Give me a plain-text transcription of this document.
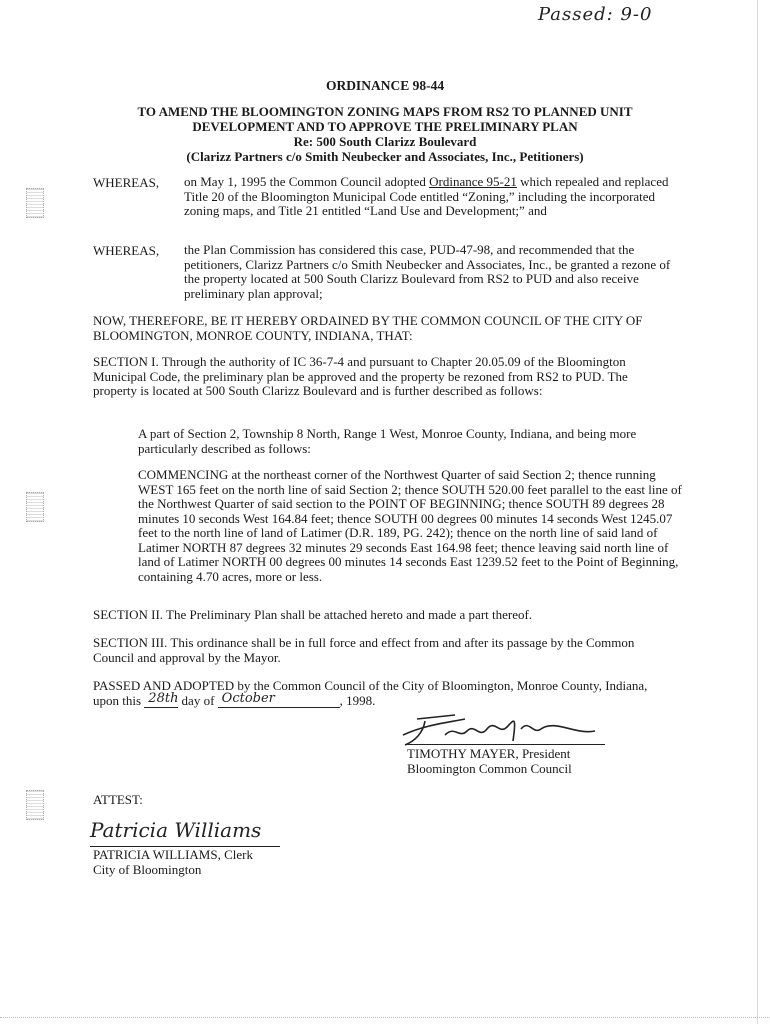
Passed: 9-0
ORDINANCE 98-44
TO AMEND THE BLOOMINGTON ZONING MAPS FROM RS2 TO PLANNED UNIT
DEVELOPMENT AND TO APPROVE THE PRELIMINARY PLAN
Re: 500 South Clarizz Boulevard
(Clarizz Partners c/o Smith Neubecker and Associates, Inc., Petitioners)
WHEREAS, on May 1, 1995 the Common Council adopted Ordinance 95-21 which repealed and replaced Title 20 of the Bloomington Municipal Code entitled “Zoning,” including the incorporated zoning maps, and Title 21 entitled “Land Use and Development;” and
WHEREAS, the Plan Commission has considered this case, PUD-47-98, and recommended that the petitioners, Clarizz Partners c/o Smith Neubecker and Associates, Inc., be granted a rezone of the property located at 500 South Clarizz Boulevard from RS2 to PUD and also receive preliminary plan approval;
NOW, THEREFORE, BE IT HEREBY ORDAINED BY THE COMMON COUNCIL OF THE CITY OF BLOOMINGTON, MONROE COUNTY, INDIANA, THAT:
SECTION I. Through the authority of IC 36-7-4 and pursuant to Chapter 20.05.09 of the Bloomington Municipal Code, the preliminary plan be approved and the property be rezoned from RS2 to PUD. The property is located at 500 South Clarizz Boulevard and is further described as follows:
A part of Section 2, Township 8 North, Range 1 West, Monroe County, Indiana, and being more particularly described as follows:
COMMENCING at the northeast corner of the Northwest Quarter of said Section 2; thence running WEST 165 feet on the north line of said Section 2; thence SOUTH 520.00 feet parallel to the east line of the Northwest Quarter of said section to the POINT OF BEGINNING; thence SOUTH 89 degrees 28 minutes 10 seconds West 164.84 feet; thence SOUTH 00 degrees 00 minutes 14 seconds West 1245.07 feet to the north line of land of Latimer (D.R. 189, PG. 242); thence on the north line of said land of Latimer NORTH 87 degrees 32 minutes 29 seconds East 164.98 feet; thence leaving said north line of land of Latimer NORTH 00 degrees 00 minutes 14 seconds East 1239.52 feet to the Point of Beginning, containing 4.70 acres, more or less.
SECTION II. The Preliminary Plan shall be attached hereto and made a part thereof.
SECTION III. This ordinance shall be in full force and effect from and after its passage by the Common Council and approval by the Mayor.
PASSED AND ADOPTED by the Common Council of the City of Bloomington, Monroe County, Indiana, upon this 28th day of October	, 1998.
TIMOTHY MAYER, President
Bloomington Common Council
ATTEST:
Patricia Williams
PATRICIA WILLIAMS, Clerk
City of Bloomington
